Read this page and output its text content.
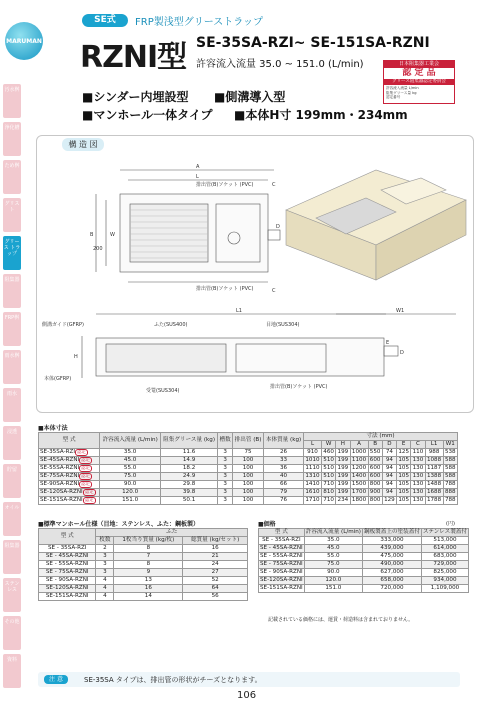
汚水桝
浄化槽
ため桝
グリスト
グリース トラップ
阻集器
FRP桝
雨水桝
雨水
浸透
貯留
オイル
阻集器
ステン レス
その他
資料
MARUMAN
SE式	FRP製浅型グリーストラップ
RZNⅠ型 SE-35SA-RZⅠ~ SE-151SA-RZNⅠ
許容流入流量 35.0 ~ 151.0 (L/min)	日本阻集器工業会
認 定 品
グリース阻集器認定委員会
許容流入流量 L/min
阻集グリース量 kg
認定番号
■シンダー内埋設型 ■側溝導入型
■マンホール一体タイプ ■本体H寸 199mm・234mm
構 造 図
A
L
C
W
B
D
200
C
排出管(B)ソケット (PVC)
排出管(B)ソケット (PVC)
L1	W1
H
E
D
側溝ガイド(GFRP)	ふた(SUS400)	目地(SUS304)
本体(GFRP)
受篭(SUS304)
排出管(B)ソケット (PVC)
■本体寸法
型 式	許容流入流量 (L/min)	阻集グリース量 (kg)	槽数	排出管 (B)	本体質量 (kg)	寸法 (mm)									
						L	W	H	A	B	D	E	C	L1	W1
SE-35SA-RZⅠ 認定	35.0	11.6	3	75	26	910	460	199	1000	550	74	125	110	988	538
SE-45SA-RZNⅠ 認定	45.0	14.9	3	100	33	1010	510	199	1100	600	94	105	130	1088	588
SE-55SA-RZNⅠ 認定	55.0	18.2	3	100	36	1110	510	199	1200	600	94	105	130	1187	588
SE-75SA-RZNⅠ 認定	75.0	24.9	3	100	40	1310	510	199	1400	600	94	105	130	1388	588
SE-90SA-RZNⅠ 認定	90.0	29.8	3	100	66	1410	710	199	1500	800	94	105	130	1488	788
SE-120SA-RZNⅠ 認定	120.0	39.8	3	100	79	1610	810	199	1700	900	94	105	130	1688	888
SE-151SA-RZNⅠ 認定	151.0	50.1	3	100	76	1710	710	234	1800	800	129	105	130	1788	788
■標準マンホール仕様（目地：ステンレス、ふた：鋼板製）
型 式	ふた		
	枚数	1枚当り質量 (kg/枚)	総質量 (kg/セット)
SE - 35SA-RZⅠ	2	8	16
SE - 45SA-RZNⅠ	3	7	21
SE - 55SA-RZNⅠ	3	8	24
SE - 75SA-RZNⅠ	3	9	27
SE - 90SA-RZNⅠ	4	13	52
SE-120SA-RZNⅠ	4	16	64
SE-151SA-RZNⅠ	4	14	56
■価格	(円)
型 式	許容流入流量 (L/min)	鋼板製蓋上の塗装蓋付	ステンレス製蓋付
SE - 35SA-RZⅠ	35.0	333,000	513,000
SE - 45SA-RZNⅠ	45.0	439,000	614,000
SE - 55SA-RZNⅠ	55.0	475,000	683,000
SE - 75SA-RZNⅠ	75.0	490,000	729,000
SE - 90SA-RZNⅠ	90.0	627,000	825,000
SE-120SA-RZNⅠ	120.0	658,000	934,000
SE-151SA-RZNⅠ	151.0	720,000	1,109,000
記載されている価格には、運賃・荷造料は含まれておりません。
注 意	SE-35SA タイプは、排出管の形状がチーズとなります。
106
